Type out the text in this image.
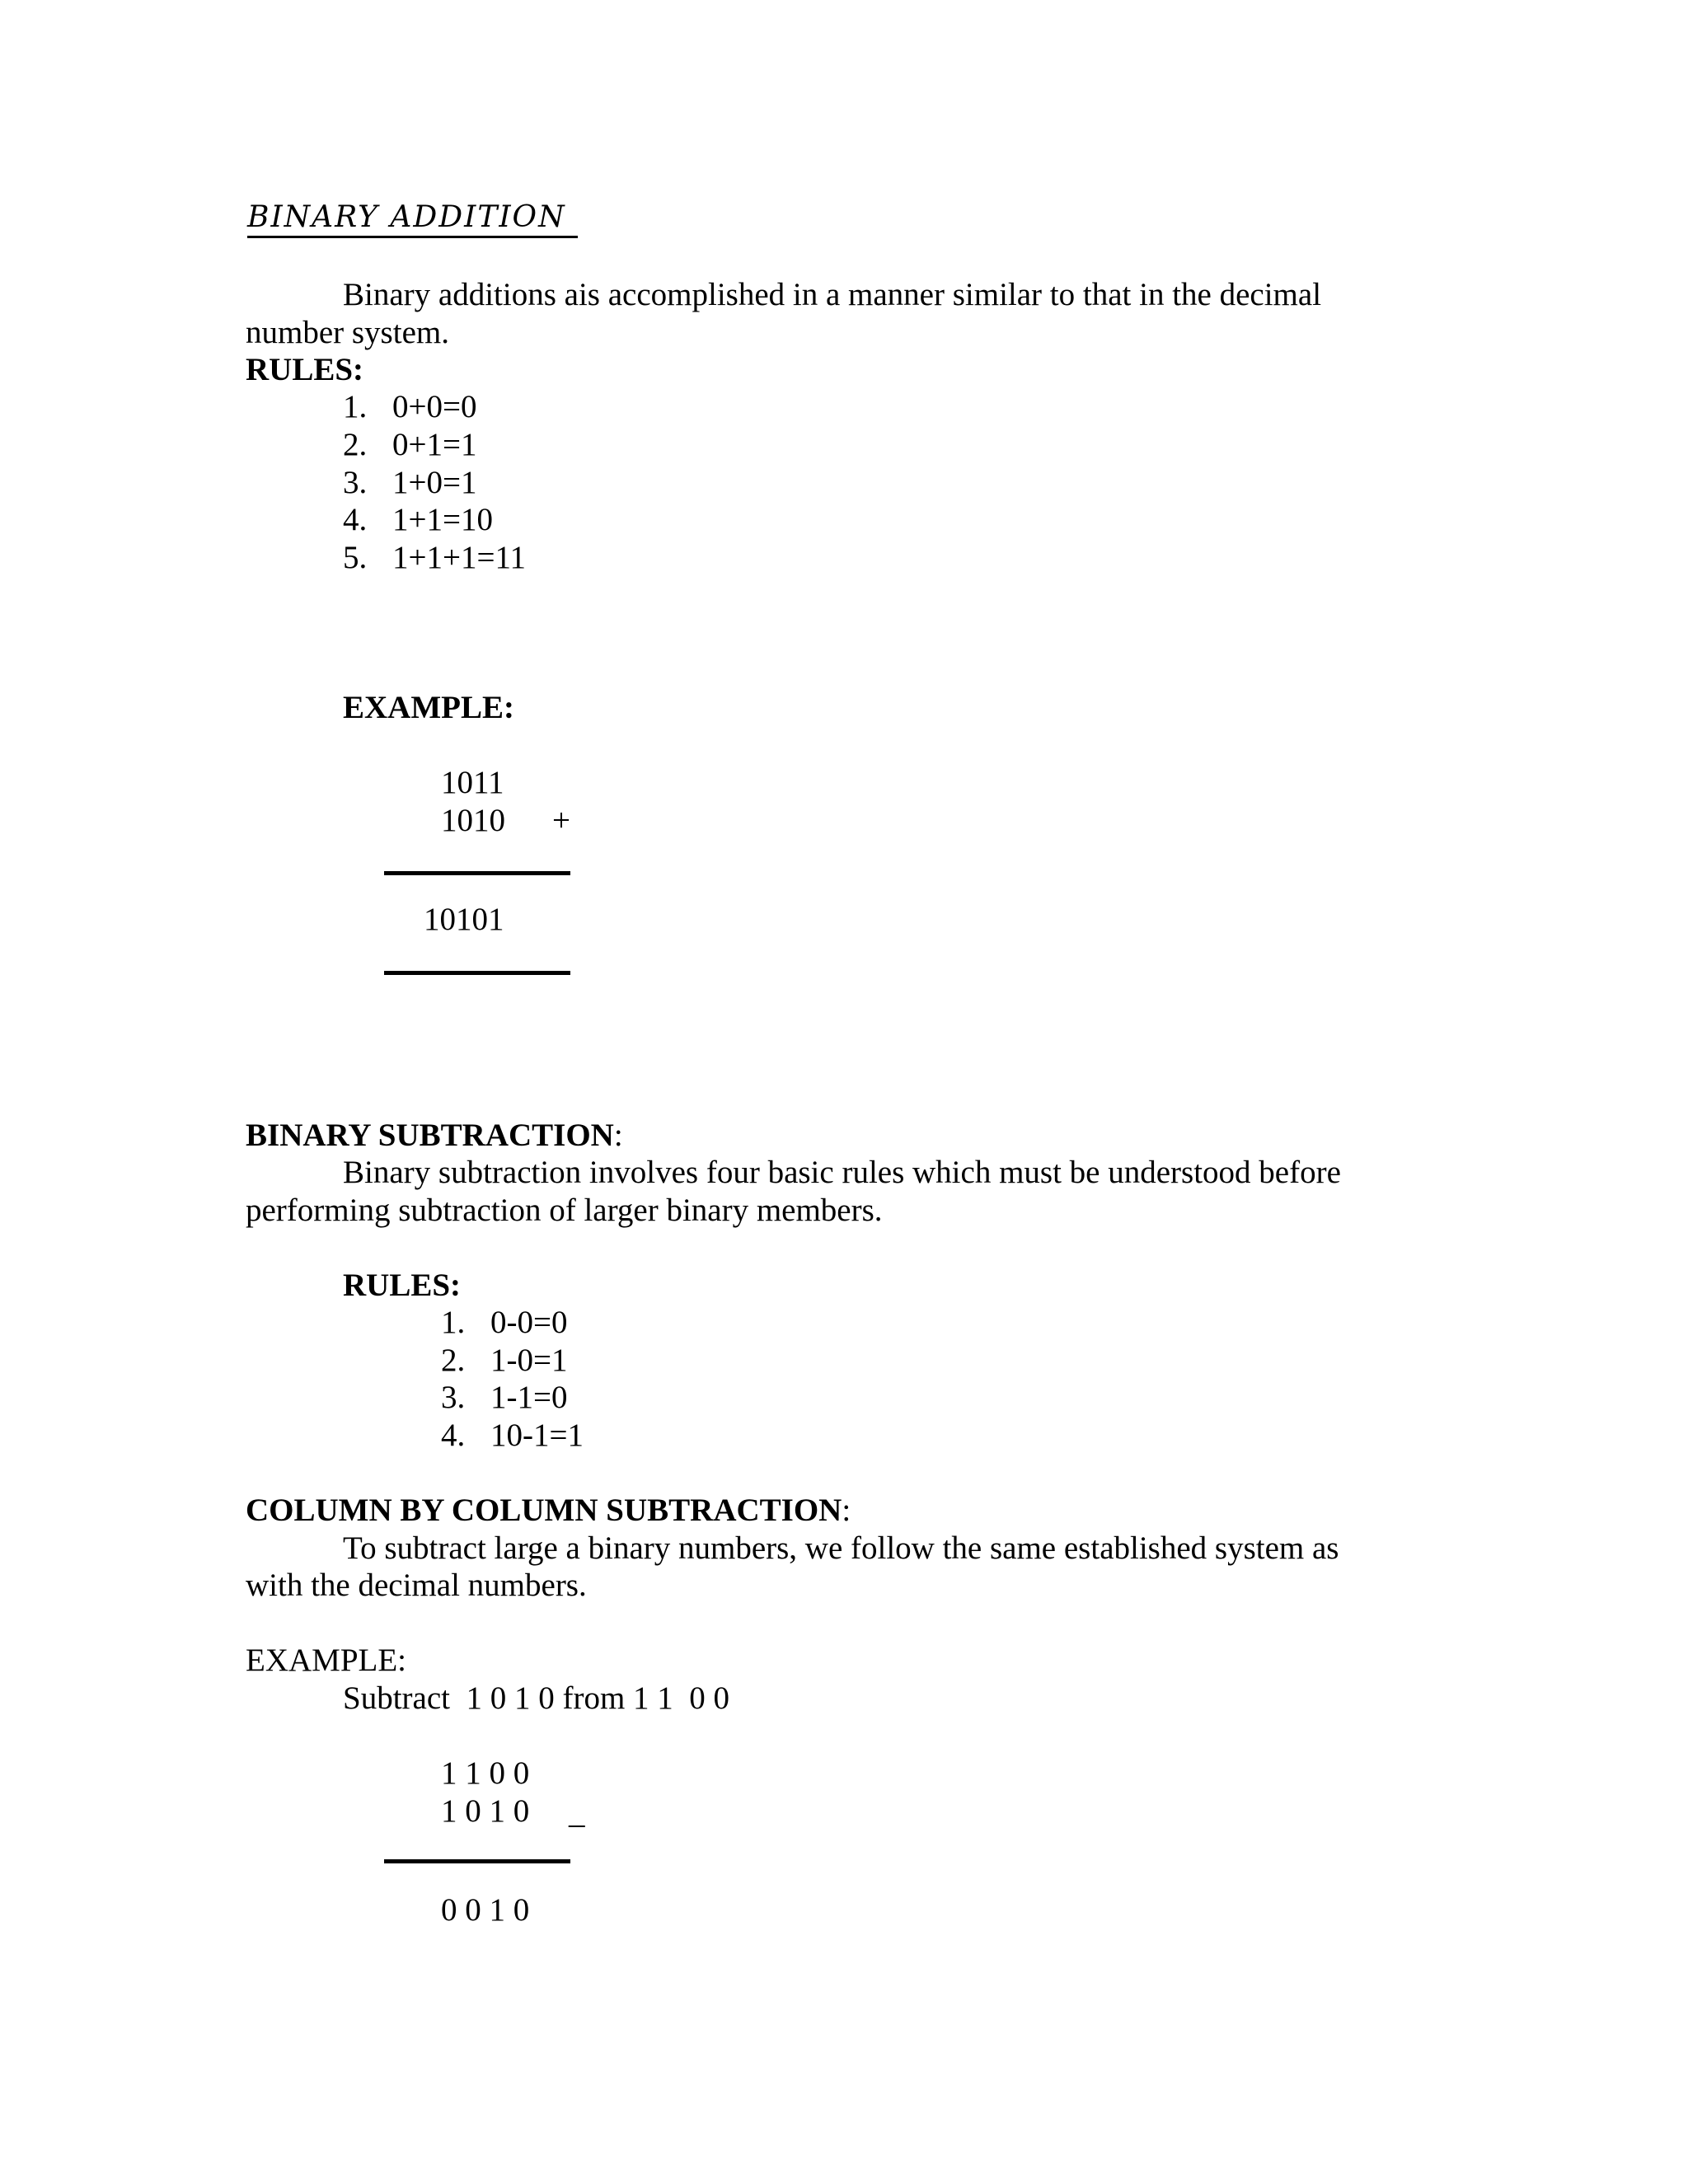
BINARY ADDITION
Binary additions ais accomplished in a manner similar to that in the decimal
number system.
RULES:
1. 0+0=0
2. 0+1=1
3. 1+0=1
4. 1+1=10
5. 1+1+1=11
EXAMPLE:
1011
1010 +
10101
BINARY SUBTRACTION:
Binary subtraction involves four basic rules which must be understood before
performing subtraction of larger binary members.
RULES:
1. 0-0=0
2. 1-0=1
3. 1-1=0
4. 10-1=1
COLUMN BY COLUMN SUBTRACTION:
To subtract large a binary numbers, we follow the same established system as
with the decimal numbers.
EXAMPLE:
Subtract  1 0 1 0 from 1 1  0 0
1 1 0 0
1 0 1 0 _
0 0 1 0
